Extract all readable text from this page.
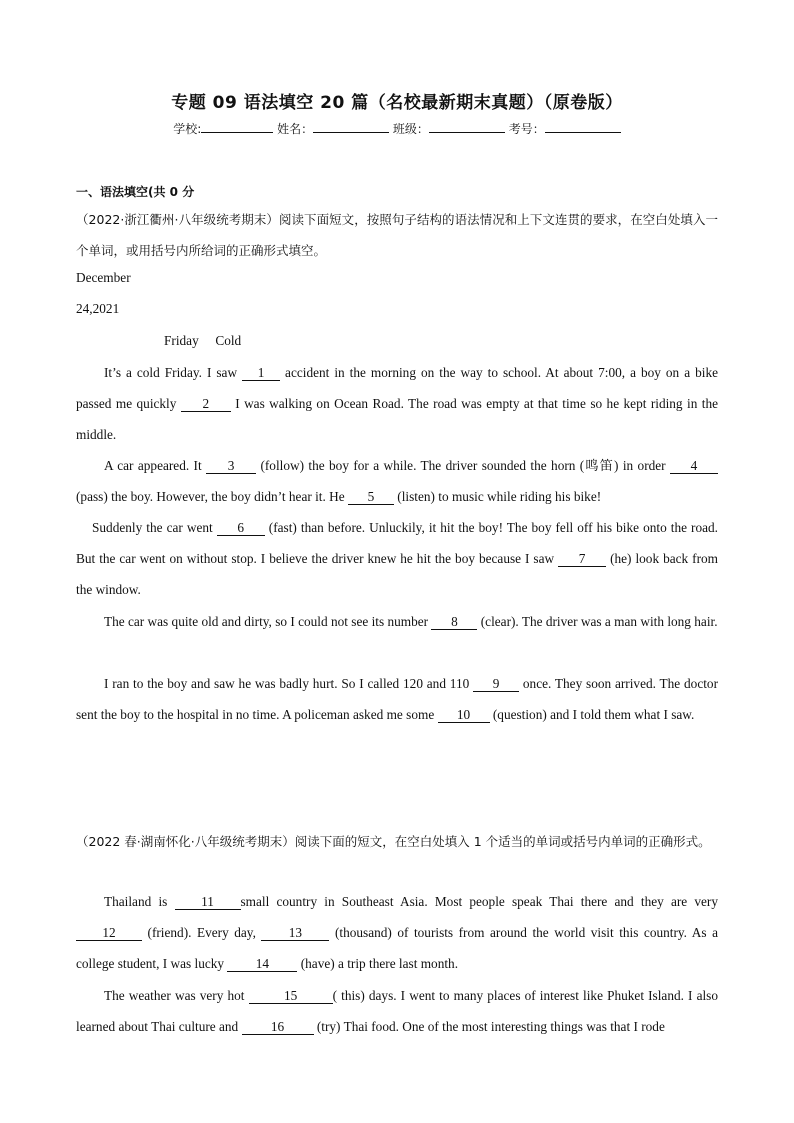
专题 09 语法填空 20 篇（名校最新期末真题）（原卷版）
学校:	姓名：	班级：	考号：
一、语法填空(共 0 分
（2022·浙江衢州·八年级统考期末）阅读下面短文，按照句子结构的语法情况和上下文连贯的要求，在空白处填入一个单词，或用括号内所给词的正确形式填空。
December
24,2021
Friday     Cold
It’s a cold Friday. I saw 1 accident in the morning on the way to school. At about 7:00, a boy on a bike passed me quickly 2 I was walking on Ocean Road. The road was empty at that time so he kept riding in the middle.
A car appeared. It 3 (follow) the boy for a while. The driver sounded the horn (鸣笛) in order 4 (pass) the boy. However, the boy didn’t hear it. He 5 (listen) to music while riding his bike!
Suddenly the car went 6 (fast) than before. Unluckily, it hit the boy! The boy fell off his bike onto the road. But the car went on without stop. I believe the driver knew he hit the boy because I saw 7 (he) look back from the window.
The car was quite old and dirty, so I could not see its number 8 (clear). The driver was a man with long hair.
I ran to the boy and saw he was badly hurt. So I called 120 and 110 9 once. They soon arrived. The doctor sent the boy to the hospital in no time. A policeman asked me some 10 (question) and I told them what I saw.
（2022 春·湖南怀化·八年级统考期末）阅读下面的短文，在空白处填入 1 个适当的单词或括号内单词的正确形式。
Thailand is 11 small country in Southeast Asia. Most people speak Thai there and they are very 12 (friend). Every day, 13 (thousand) of tourists from around the world visit this country. As a college student, I was lucky 14 (have) a trip there last month.
The weather was very hot	15	( this) days. I went to many places of interest like Phuket Island. I also learned about Thai culture and 16 (try) Thai food. One of the most interesting things was that I rode
